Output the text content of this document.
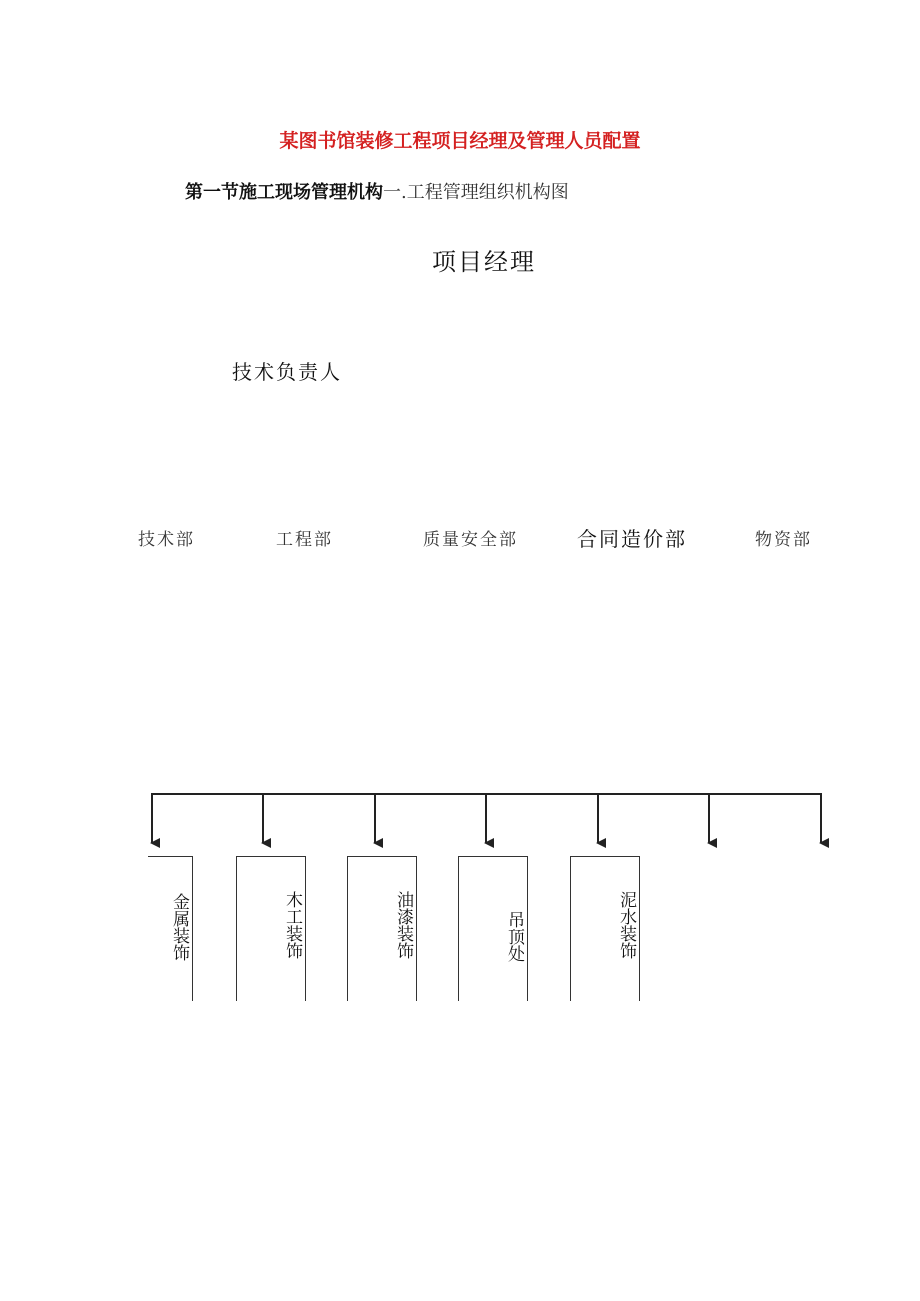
某图书馆装修工程项目经理及管理人员配置
第一节施工现场管理机构一.工程管理组织机构图
项目经理
技术负责人
技术部	工程部	质量安全部	合同造价部	物资部
金属装饰	木工装饰	油漆装饰	吊顶处	泥水装饰
